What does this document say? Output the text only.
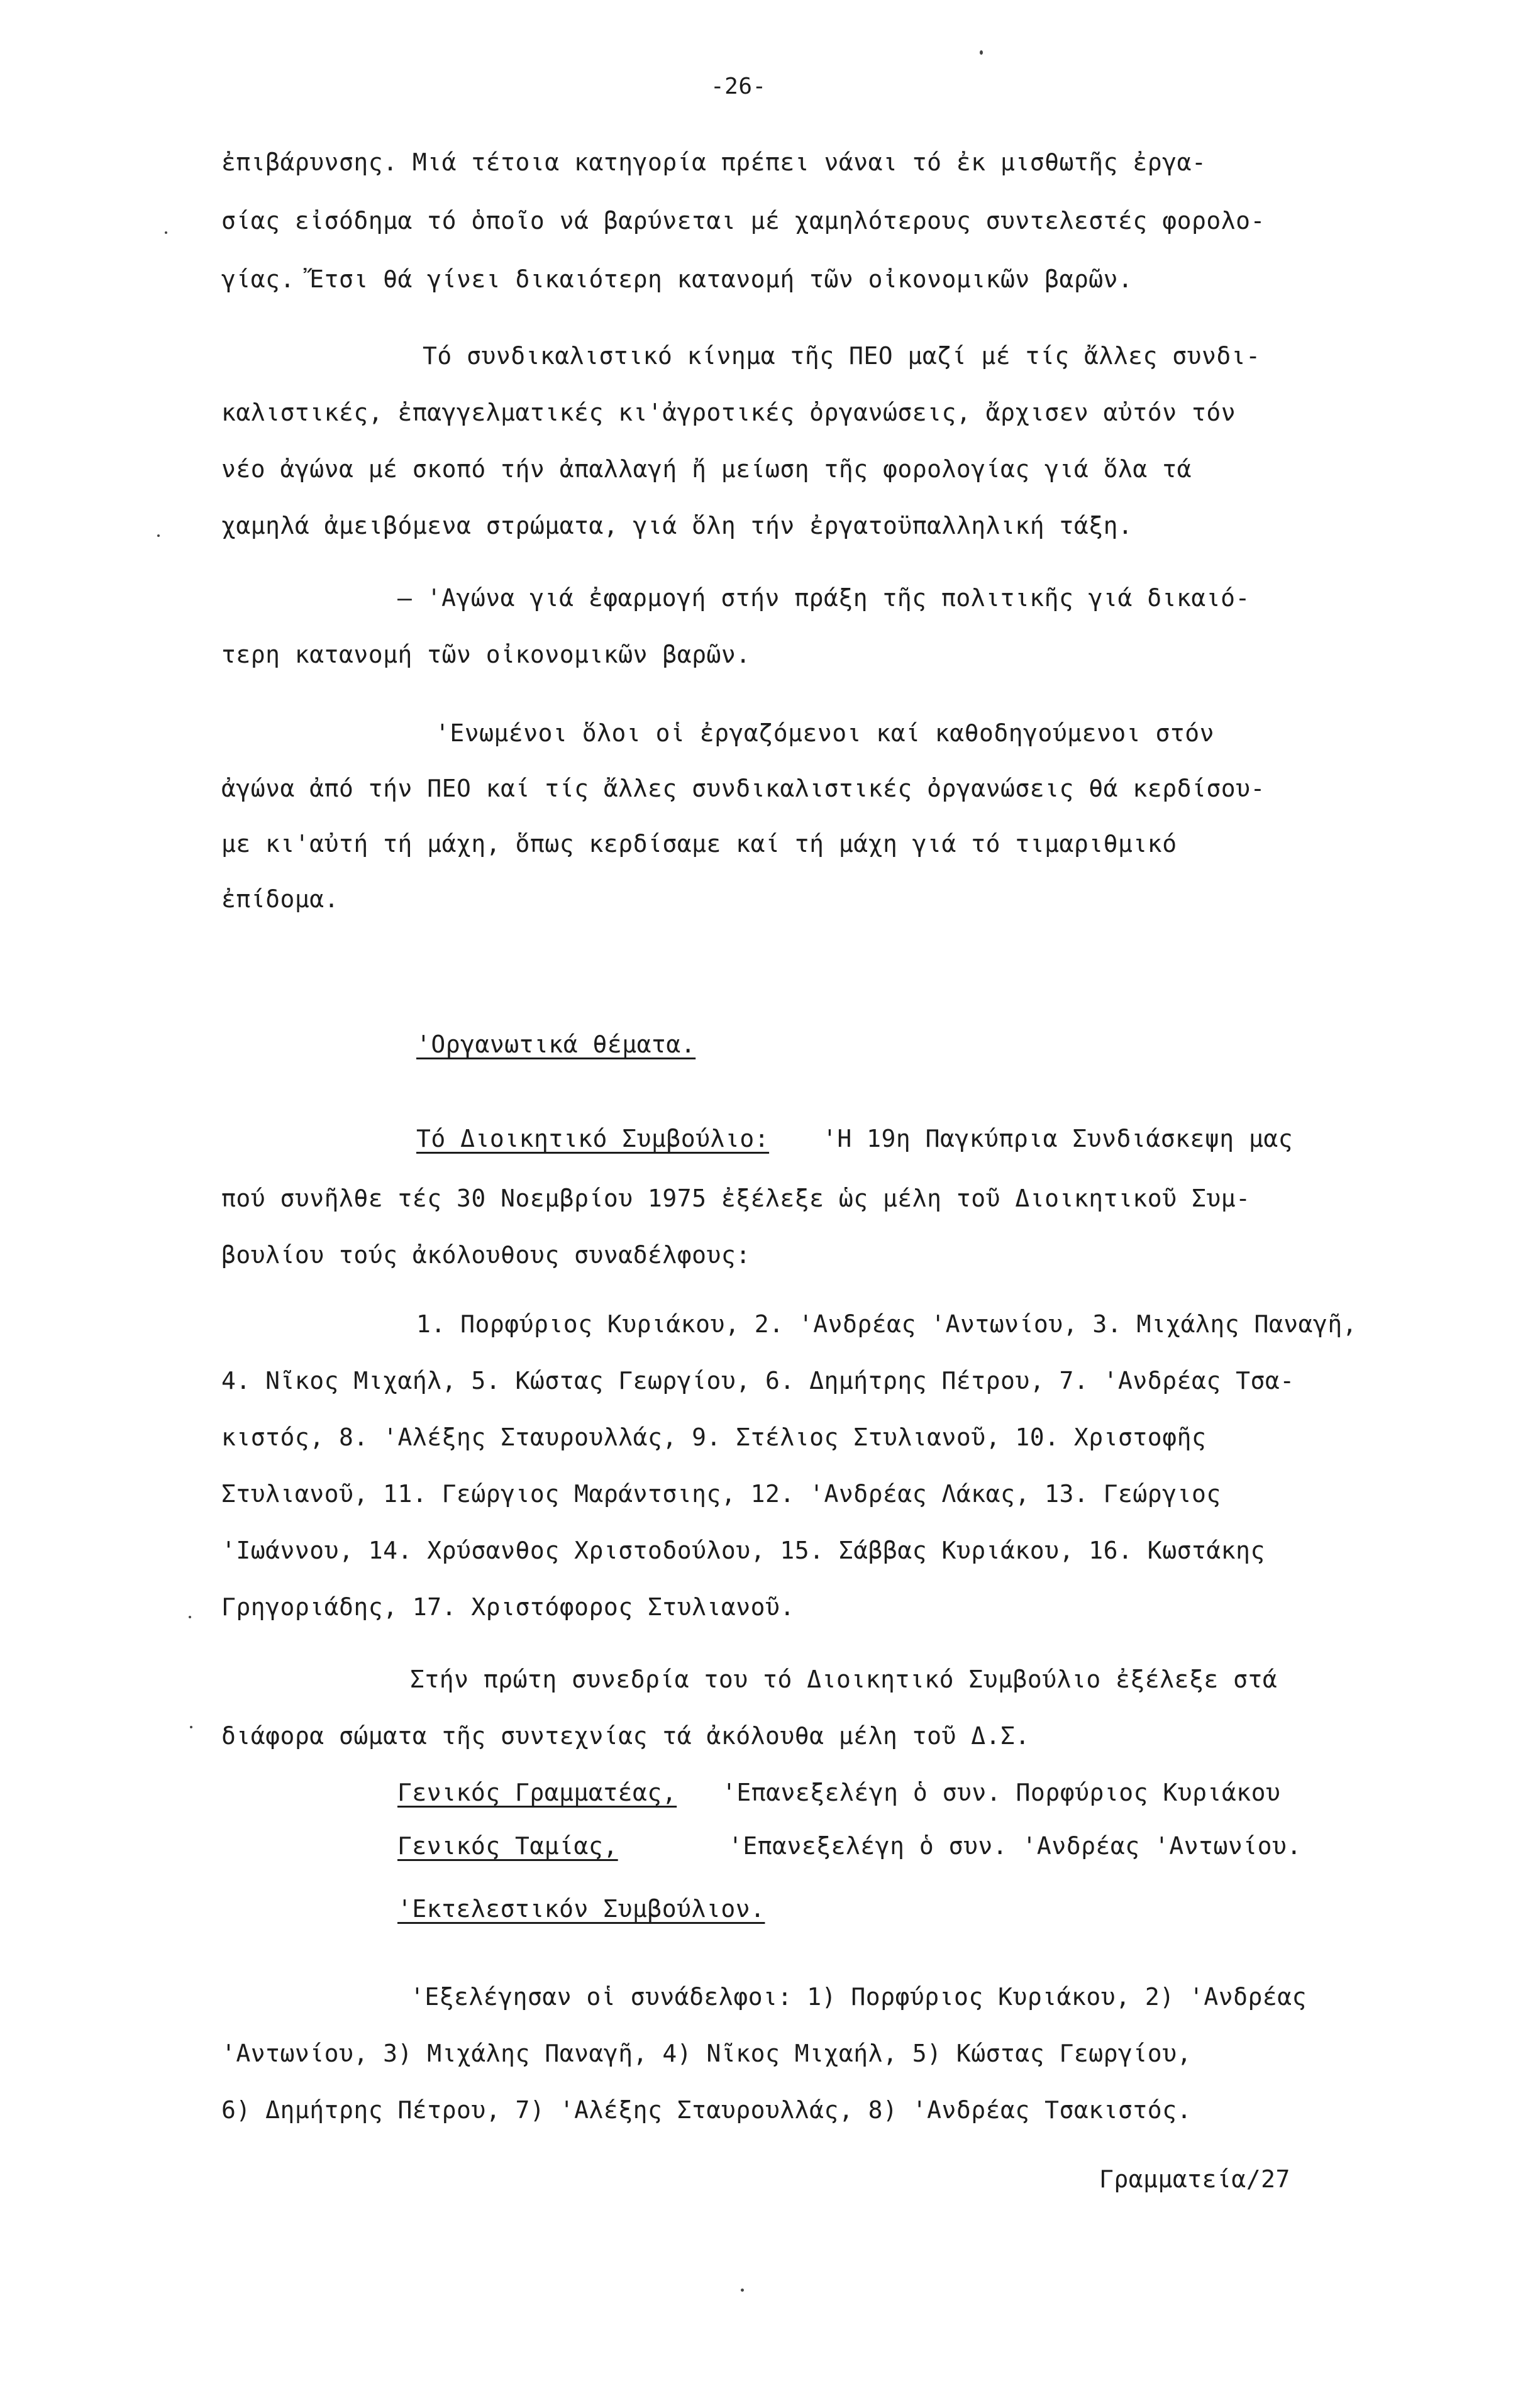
-26-
ἐπιβάρυνσης. Μιά τέτοια κατηγορία πρέπει νάναι τό ἐκ μισθωτῆς ἐργα-
σίας εἰσόδημα τό ὁποῖο νά βαρύνεται μέ χαμηλότερους συντελεστές φορολο-
γίας. Ἔτσι θά γίνει δικαιότερη κατανομή τῶν οἰκονομικῶν βαρῶν.
Τό συνδικαλιστικό κίνημα τῆς ΠΕΟ μαζί μέ τίς ἄλλες συνδι-
καλιστικές, ἐπαγγελματικές κι'ἀγροτικές ὀργανώσεις, ἄρχισεν αὐτόν τόν
νέο ἀγώνα μέ σκοπό τήν ἀπαλλαγή ἤ μείωση τῆς φορολογίας γιά ὅλα τά
χαμηλά ἀμειβόμενα στρώματα, γιά ὅλη τήν ἐργατοϋπαλληλική τάξη.
– 'Αγώνα γιά ἐφαρμογή στήν πράξη τῆς πολιτικῆς γιά δικαιό-
τερη κατανομή τῶν οἰκονομικῶν βαρῶν.
'Ενωμένοι ὅλοι οἱ ἐργαζόμενοι καί καθοδηγούμενοι στόν
ἀγώνα ἀπό τήν ΠΕΟ καί τίς ἄλλες συνδικαλιστικές ὀργανώσεις θά κερδίσου-
με κι'αὐτή τή μάχη, ὅπως κερδίσαμε καί τή μάχη γιά τό τιμαριθμικό
ἐπίδομα.
'Οργανωτικά θέματα.
Τό Διοικητικό Συμβούλιο: 'Η 19η Παγκύπρια Συνδιάσκεψη μας
πού συνῆλθε τές 30 Νοεμβρίου 1975 ἐξέλεξε ὡς μέλη τοῦ Διοικητικοῦ Συμ-
βουλίου τούς ἀκόλουθους συναδέλφους:
1. Πορφύριος Κυριάκου, 2. 'Ανδρέας 'Αντωνίου, 3. Μιχάλης Παναγῆ,
4. Νῖκος Μιχαήλ, 5. Κώστας Γεωργίου, 6. Δημήτρης Πέτρου, 7. 'Ανδρέας Τσα-
κιστός, 8. 'Αλέξης Σταυρουλλάς, 9. Στέλιος Στυλιανοῦ, 10. Χριστοφῆς
Στυλιανοῦ, 11. Γεώργιος Μαράντσιης, 12. 'Ανδρέας Λάκας, 13. Γεώργιος
'Ιωάννου, 14. Χρύσανθος Χριστοδούλου, 15. Σάββας Κυριάκου, 16. Κωστάκης
Γρηγοριάδης, 17. Χριστόφορος Στυλιανοῦ.
Στήν πρώτη συνεδρία του τό Διοικητικό Συμβούλιο ἐξέλεξε στά
διάφορα σώματα τῆς συντεχνίας τά ἀκόλουθα μέλη τοῦ Δ.Σ.
Γενικός Γραμματέας, 'Επανεξελέγη ὁ συν. Πορφύριος Κυριάκου
Γενικός Ταμίας,	'Επανεξελέγη ὁ συν. 'Ανδρέας 'Αντωνίου.
'Εκτελεστικόν Συμβούλιον.
'Εξελέγησαν οἱ συνάδελφοι: 1) Πορφύριος Κυριάκου, 2) 'Ανδρέας
'Αντωνίου, 3) Μιχάλης Παναγῆ, 4) Νῖκος Μιχαήλ, 5) Κώστας Γεωργίου,
6) Δημήτρης Πέτρου, 7) 'Αλέξης Σταυρουλλάς, 8) 'Ανδρέας Τσακιστός.
Γραμματεία/27
